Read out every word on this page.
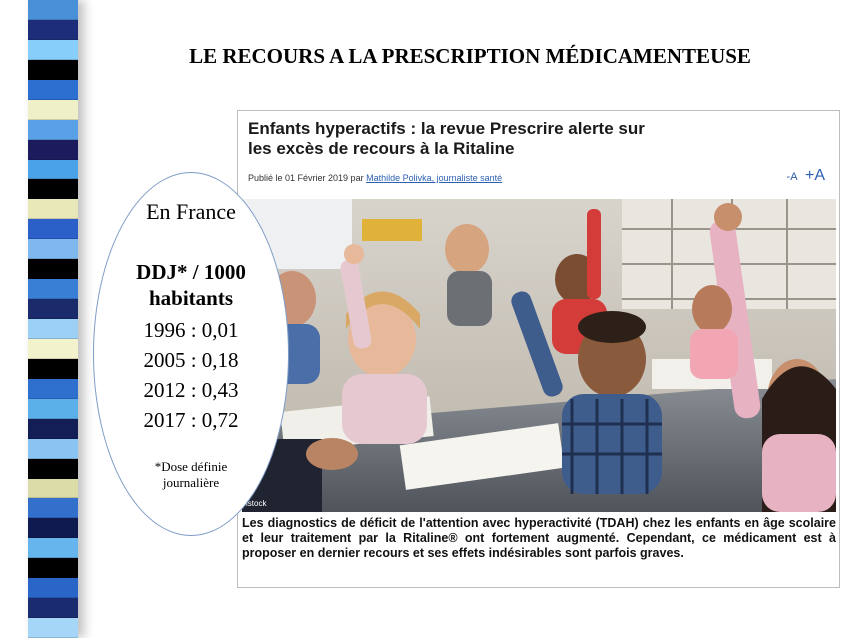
LE RECOURS A LA PRESCRIPTION MÉDICAMENTEUSE
Enfants hyperactifs : la revue Prescrire alerte sur
les excès de recours à la Ritaline
Publié le 01 Février 2019 par Mathilde Polivka, journaliste santé	-A +A
istock
Les diagnostics de déficit de l'attention avec hyperactivité (TDAH) chez les enfants en âge scolaire et leur traitement par la Ritaline® ont fortement augmenté. Cependant, ce médicament est à proposer en dernier recours et ses effets indésirables sont parfois graves.
En France
DDJ* / 1000
habitants
1996 : 0,01
2005 : 0,18
2012 : 0,43
2017 : 0,72
*Dose définie
journalière
